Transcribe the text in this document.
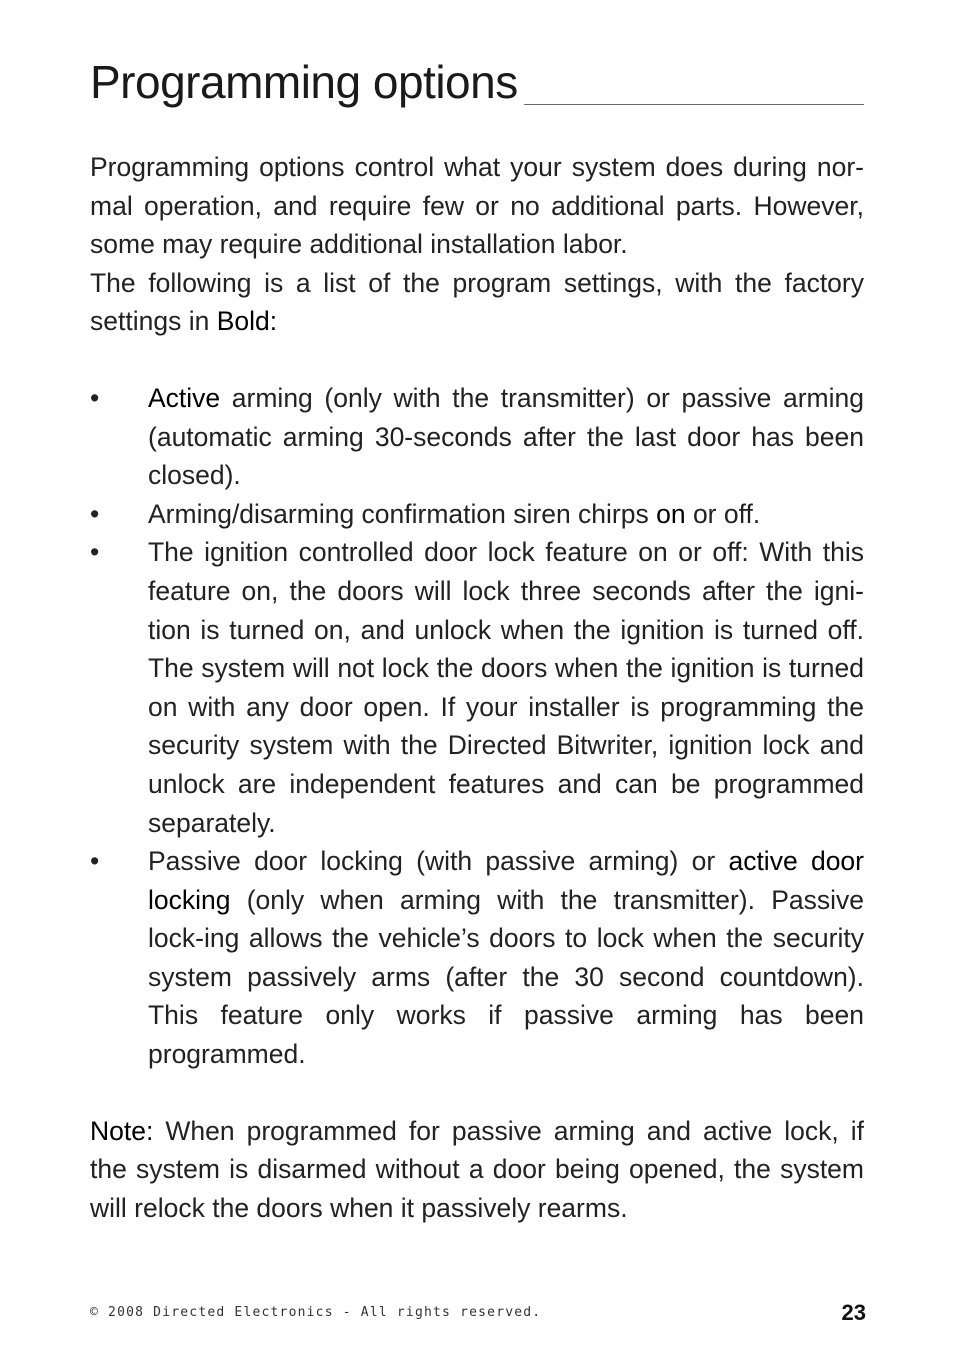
Programming options

Programming options control what your system does during nor-mal operation, and require few or no additional parts. However, some may require additional installation labor.

The following is a list of the program settings, with the factory settings in Bold:

•	Active arming (only with the transmitter) or passive arming (automatic arming 30-seconds after the last door has been closed).
•	Arming/disarming confirmation siren chirps on or off.
•	The ignition controlled door lock feature on or off: With this feature on, the doors will lock three seconds after the igni-tion is turned on, and unlock when the ignition is turned off. The system will not lock the doors when the ignition is turned on with any door open. If your installer is programming the security system with the Directed Bitwriter, ignition lock and unlock are independent features and can be programmed separately.
•	Passive door locking (with passive arming) or active door locking (only when arming with the transmitter). Passive lock-ing allows the vehicle’s doors to lock when the security system passively arms (after the 30 second countdown). This feature only works if passive arming has been programmed.

Note: When programmed for passive arming and active lock, if the system is disarmed without a door being opened, the system will relock the doors when it passively rearms.

© 2008 Directed Electronics - All rights reserved.	23
